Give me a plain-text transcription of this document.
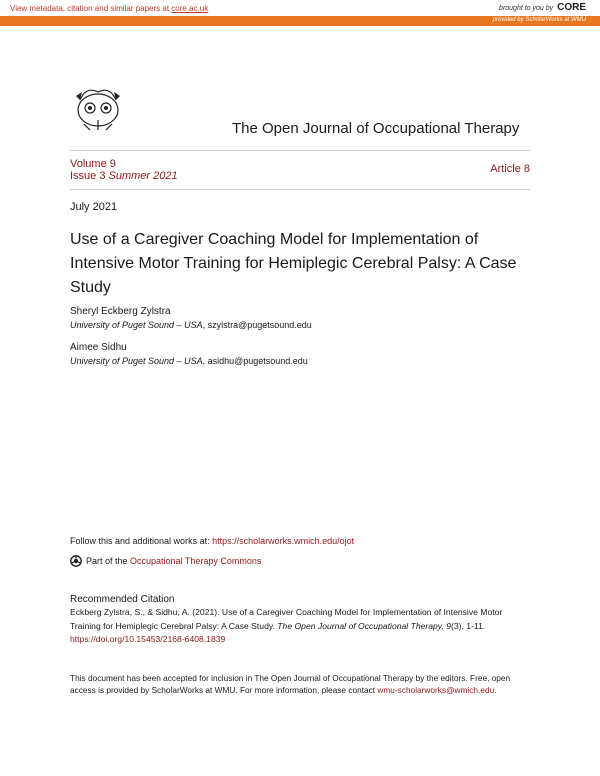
View metadata, citation and similar papers at core.ac.uk	brought to you by CORE
provided by ScholarWorks at WMU
The Open Journal of Occupational Therapy
Volume 9
Issue 3 Summer 2021
Article 8
July 2021
Use of a Caregiver Coaching Model for Implementation of Intensive Motor Training for Hemiplegic Cerebral Palsy: A Case Study
Sheryl Eckberg Zylstra
University of Puget Sound – USA, szylstra@pugetsound.edu
Aimee Sidhu
University of Puget Sound – USA, asidhu@pugetsound.edu
Follow this and additional works at: https://scholarworks.wmich.edu/ojot
Part of the Occupational Therapy Commons
Recommended Citation
Eckberg Zylstra, S., & Sidhu, A. (2021). Use of a Caregiver Coaching Model for Implementation of Intensive Motor Training for Hemiplegic Cerebral Palsy: A Case Study. The Open Journal of Occupational Therapy, 9(3), 1-11. https://doi.org/10.15453/2168-6408.1839
This document has been accepted for inclusion in The Open Journal of Occupational Therapy by the editors. Free, open access is provided by ScholarWorks at WMU. For more information, please contact wmu-scholarworks@wmich.edu.
